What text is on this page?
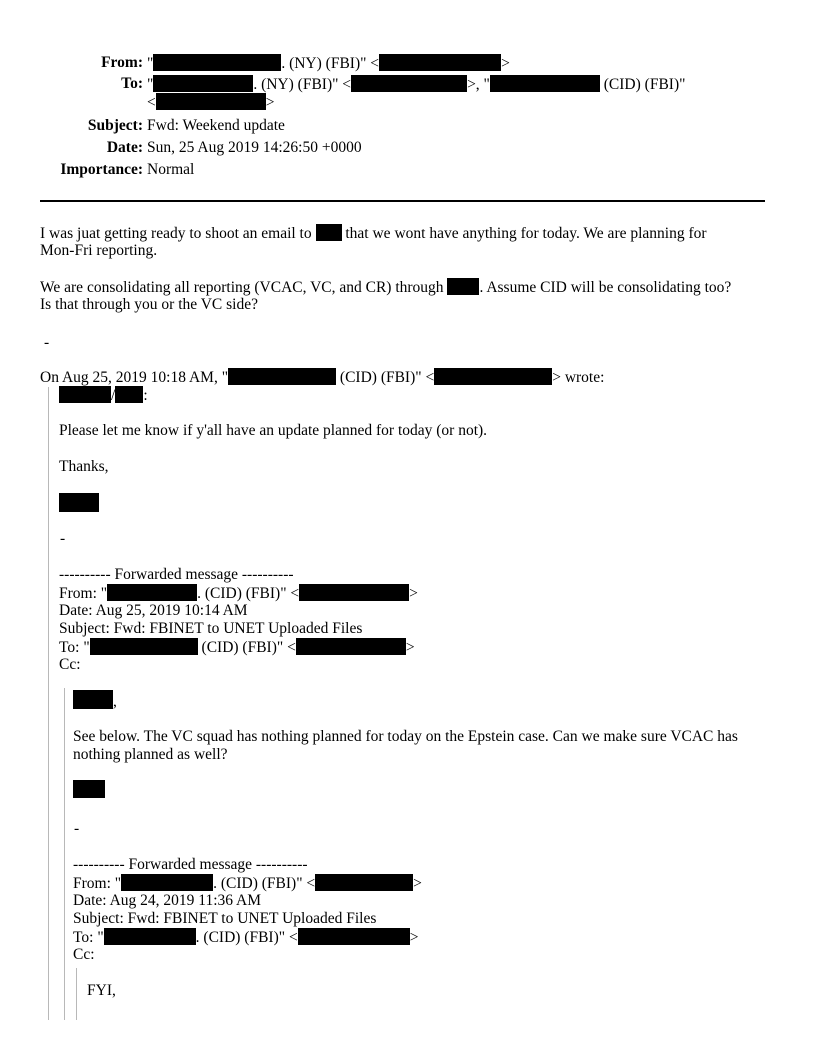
From: "	. (NY) (FBI)" <	>
To: "	. (NY) (FBI)" <	>, "	(CID) (FBI)"
<	>
Subject: Fwd: Weekend update
Date: Sun, 25 Aug 2019 14:26:50 +0000
Importance: Normal
I was juat getting ready to shoot an email to that we wont have anything for today. We are planning for
Mon-Fri reporting.
We are consolidating all reporting (VCAC, VC, and CR) through . Assume CID will be consolidating too?
Is that through you or the VC side?
-
On Aug 25, 2019 10:18 AM, "	(CID) (FBI)" <	> wrote:
/ :
Please let me know if y'all have an update planned for today (or not).
Thanks,
-
---------- Forwarded message ----------
From: "	. (CID) (FBI)" <	>
Date: Aug 25, 2019 10:14 AM
Subject: Fwd: FBINET to UNET Uploaded Files
To: "	(CID) (FBI)" <	>
Cc:
,
See below. The VC squad has nothing planned for today on the Epstein case. Can we make sure VCAC has
nothing planned as well?
-
---------- Forwarded message ----------
From: "	. (CID) (FBI)" <	>
Date: Aug 24, 2019 11:36 AM
Subject: Fwd: FBINET to UNET Uploaded Files
To: "	. (CID) (FBI)" <	>
Cc:
FYI,
